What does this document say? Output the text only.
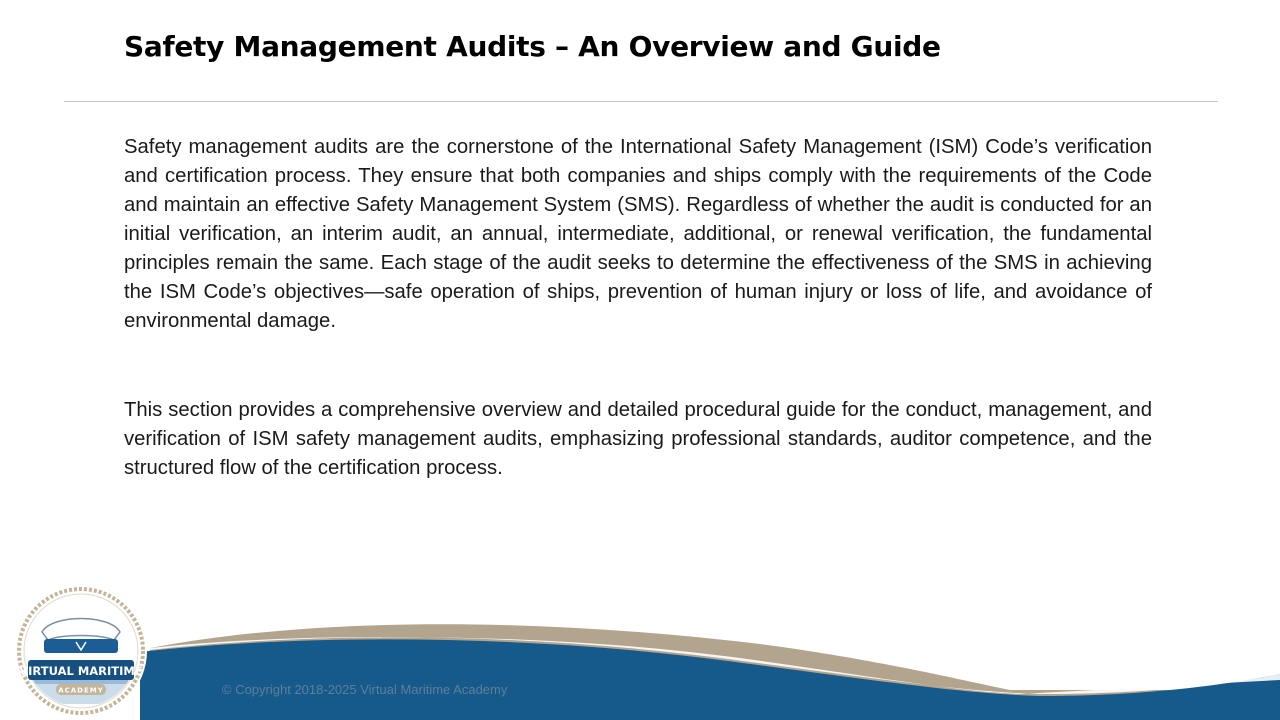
Safety Management Audits – An Overview and Guide

Safety management audits are the cornerstone of the International Safety Management (ISM) Code’s verification and certification process. They ensure that both companies and ships comply with the requirements of the Code and maintain an effective Safety Management System (SMS). Regardless of whether the audit is conducted for an initial verification, an interim audit, an annual, intermediate, additional, or renewal verification, the fundamental principles remain the same. Each stage of the audit seeks to determine the effectiveness of the SMS in achieving the ISM Code’s objectives—safe operation of ships, prevention of human injury or loss of life, and avoidance of environmental damage.

This section provides a comprehensive overview and detailed procedural guide for the conduct, management, and verification of ISM safety management audits, emphasizing professional standards, auditor competence, and the structured flow of the certification process.

© Copyright 2018-2025 Virtual Maritime Academy
VIRTUAL MARITIME
ACADEMY
